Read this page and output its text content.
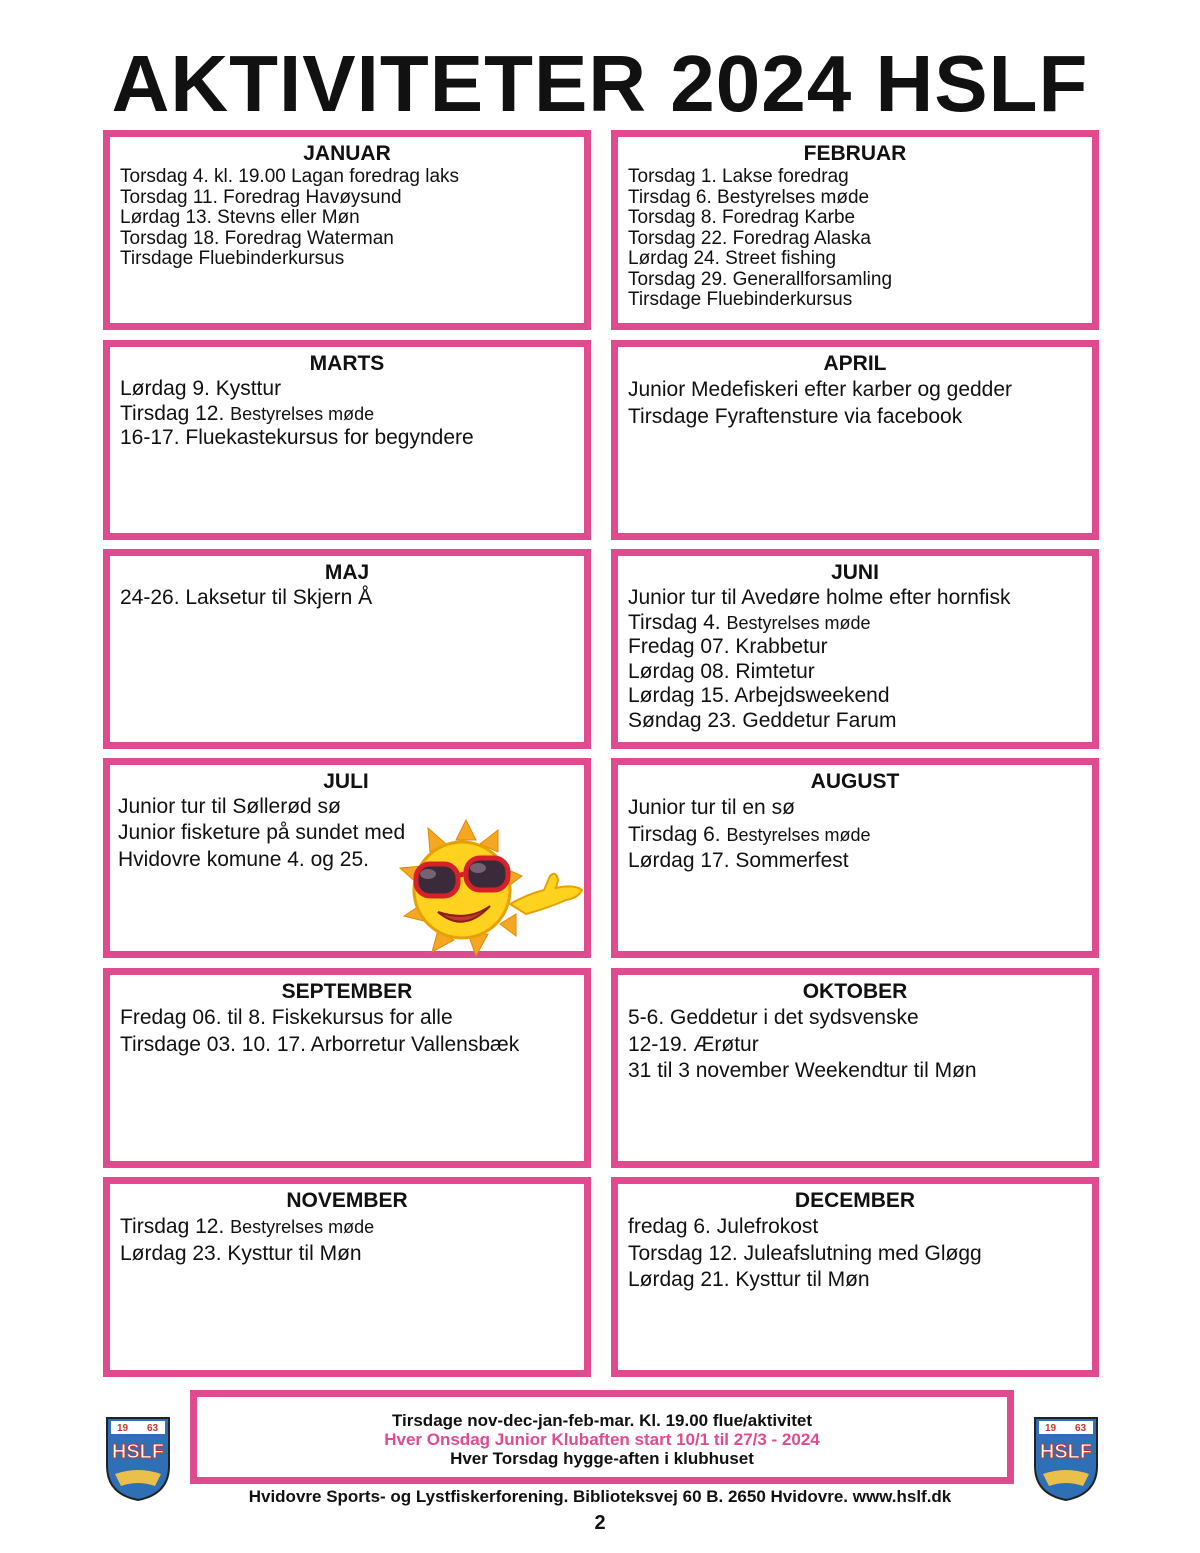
AKTIVITETER 2024 HSLF
JANUAR
Torsdag 4. kl. 19.00 Lagan foredrag laks
Torsdag 11. Foredrag Havøysund
Lørdag 13. Stevns eller Møn
Torsdag 18. Foredrag Waterman
Tirsdage Fluebinderkursus
FEBRUAR
Torsdag 1. Lakse foredrag
Tirsdag 6. Bestyrelses møde
Torsdag 8. Foredrag Karbe
Torsdag 22. Foredrag Alaska
Lørdag 24. Street fishing
Torsdag 29. Generallforsamling
Tirsdage Fluebinderkursus
MARTS
Lørdag 9. Kysttur
Tirsdag 12. Bestyrelses møde
16-17. Fluekastekursus for begyndere
APRIL
Junior Medefiskeri efter karber og gedder
Tirsdage Fyraftensture via facebook
MAJ
24-26. Laksetur til Skjern Å
JUNI
Junior tur til Avedøre holme efter hornfisk
Tirsdag 4. Bestyrelses møde
Fredag 07. Krabbetur
Lørdag 08. Rimtetur
Lørdag 15. Arbejdsweekend
Søndag 23. Geddetur Farum
JULI
Junior tur til Søllerød sø
Junior fisketure på sundet med
Hvidovre komune 4. og 25.
AUGUST
Junior tur til en sø
Tirsdag 6. Bestyrelses møde
Lørdag 17. Sommerfest
SEPTEMBER
Fredag 06. til 8. Fiskekursus for alle
Tirsdage 03. 10. 17. Arborretur Vallensbæk
OKTOBER
5-6. Geddetur i det sydsvenske
12-19. Ærøtur
31 til 3 november Weekendtur til Møn
NOVEMBER
Tirsdag 12. Bestyrelses møde
Lørdag 23. Kysttur til Møn
DECEMBER
fredag 6. Julefrokost
Torsdag 12. Juleafslutning med Gløgg
Lørdag 21. Kysttur til Møn
19 63
HSLF
19 63
HSLF
Tirsdage nov-dec-jan-feb-mar. Kl. 19.00 flue/aktivitet
Hver Onsdag Junior Klubaften start 10/1 til 27/3 - 2024
Hver Torsdag hygge-aften i klubhuset
Hvidovre Sports- og Lystfiskerforening. Biblioteksvej 60 B. 2650 Hvidovre. www.hslf.dk
2
